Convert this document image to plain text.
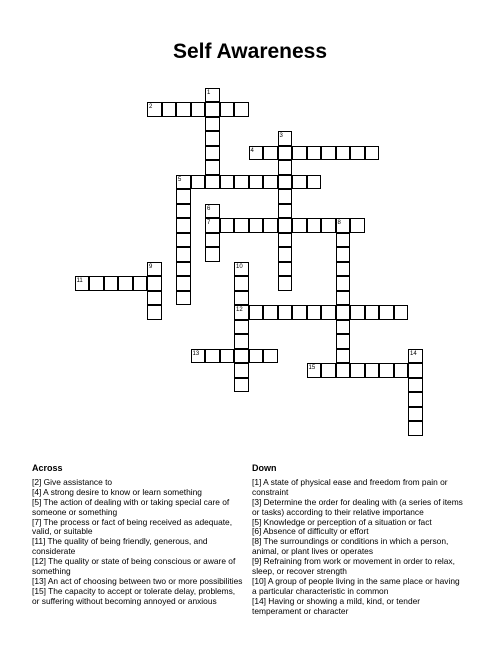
Self Awareness
2
1
4
3
5
6
7	8
9	10
12
11
13
15
14
Across

[2] Give assistance to

[4] A strong desire to know or learn something

[5] The action of dealing with or taking special care of someone or something

[7] The process or fact of being received as adequate, valid, or suitable

[11] The quality of being friendly, generous, and considerate

[12] The quality or state of being conscious or aware of something

[13] An act of choosing between two or more possibilities

[15] The capacity to accept or tolerate delay, problems, or suffering without becoming annoyed or anxious

Down

[1] A state of physical ease and freedom from pain or constraint

[3] Determine the order for dealing with (a series of items or tasks) according to their relative importance

[5] Knowledge or perception of a situation or fact

[6] Absence of difficulty or effort

[8] The surroundings or conditions in which a person, animal, or plant lives or operates

[9] Refraining from work or movement in order to relax, sleep, or recover strength

[10] A group of people living in the same place or having a particular characteristic in common

[14] Having or showing a mild, kind, or tender temperament or character
